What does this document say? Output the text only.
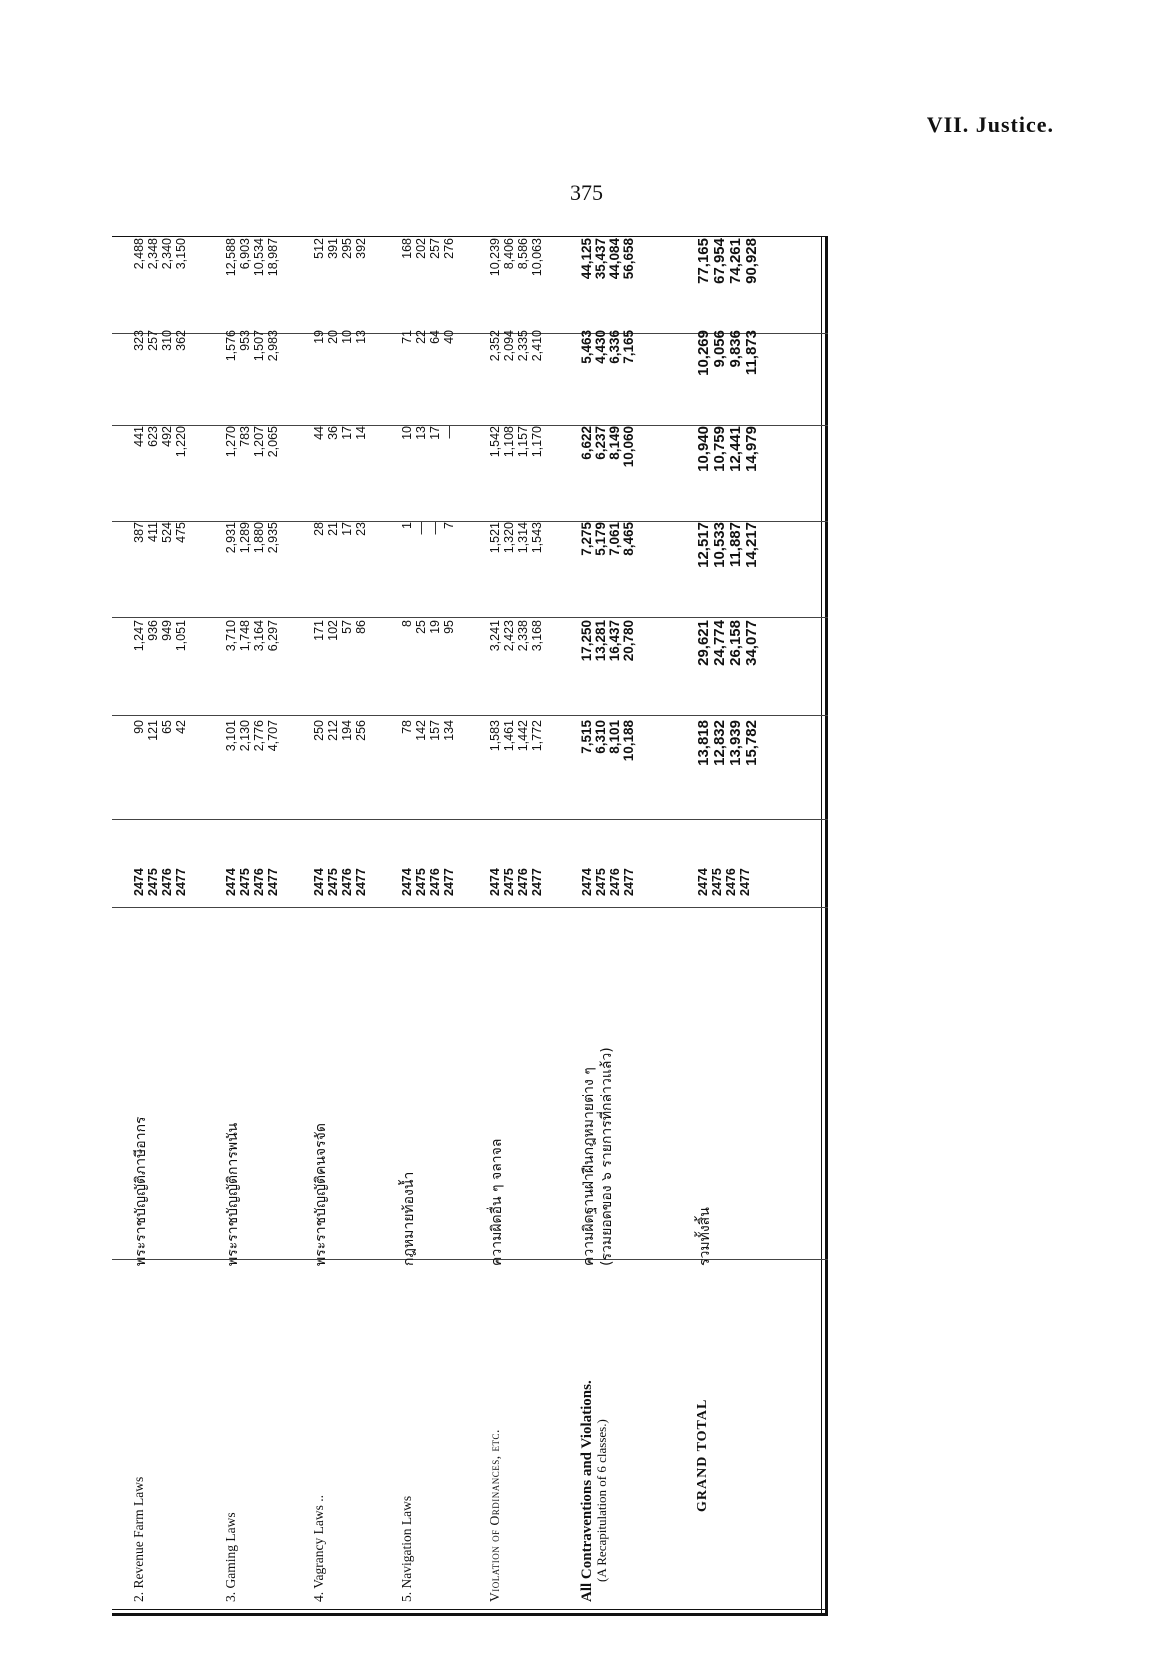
VII. Justice.
375
2. Revenue Farm Laws
พระราชบัญญัติภาษีอากร
2474 2475 2476 2477
90 121 65 42
1,247 936 949 1,051
387 411 524 475
441 623 492 1,220
323 257 310 362
2,488 2,348 2,340 3,150
3. Gaming Laws
พระราชบัญญัติการพนัน
2474 2475 2476 2477
3,101 2,130 2,776 4,707
3,710 1,748 3,164 6,297
2,931 1,289 1,880 2,935
1,270 783 1,207 2,065
1,576 953 1,507 2,983
12,588 6,903 10,534 18,987
4. Vagrancy Laws ..
พระราชบัญญัติคนจรจัด
2474 2475 2476 2477
250 212 194 256
171 102 57 86
28 21 17 23
44 36 17 14
19 20 10 13
512 391 295 392
5. Navigation Laws
กฎหมายท้องน้ำ
2474 2475 2476 2477
78 142 157 134
8 25 19 95
1 — — 7
10 13 17 —
71 22 64 40
168 202 257 276
Violation of Ordinances, etc.
ความผิดอื่น ๆ จลาจล
2474 2475 2476 2477
1,583 1,461 1,442 1,772
3,241 2,423 2,338 3,168
1,521 1,320 1,314 1,543
1,542 1,108 1,157 1,170
2,352 2,094 2,335 2,410
10,239 8,406 8,586 10,063
All Contraventions and Violations.
(A Recapitulation of 6 classes.)
ความผิดฐานฝ่าฝืนกฎหมายต่าง ๆ (รวมยอดของ ๖ รายการที่กล่าวแล้ว)
2474 2475 2476 2477
7,515 6,310 8,101 10,188
17,250 13,281 16,437 20,780
7,275 5,179 7,061 8,465
6,622 6,237 8,149 10,060
5,463 4,430 6,336 7,165
44,125 35,437 44,084 56,658
GRAND TOTAL
รวมทั้งสิ้น
2474 2475 2476 2477
13,818 12,832 13,939 15,782
29,621 24,774 26,158 34,077
12,517 10,533 11,887 14,217
10,940 10,759 12,441 14,979
10,269 9,056 9,836 11,873
77,165 67,954 74,261 90,928
